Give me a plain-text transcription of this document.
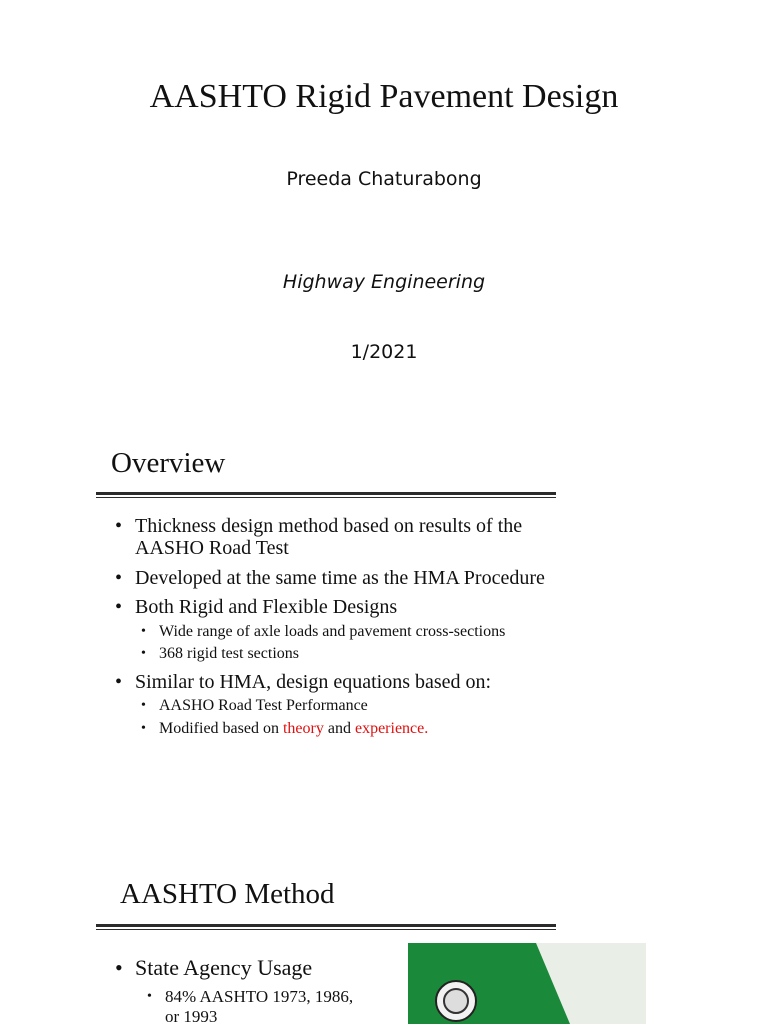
AASHTO Rigid Pavement Design
Preeda Chaturabong
Highway Engineering
1/2021
Overview
• Thickness design method based on results of the
AASHO Road Test
• Developed at the same time as the HMA Procedure
• Both Rigid and Flexible Designs
• Wide range of axle loads and pavement cross-sections
• 368 rigid test sections
• Similar to HMA, design equations based on:
• AASHO Road Test Performance
• Modified based on theory and experience.
AASHTO Method
• State Agency Usage
• 84% AASHTO 1973, 1986,
or 1993
